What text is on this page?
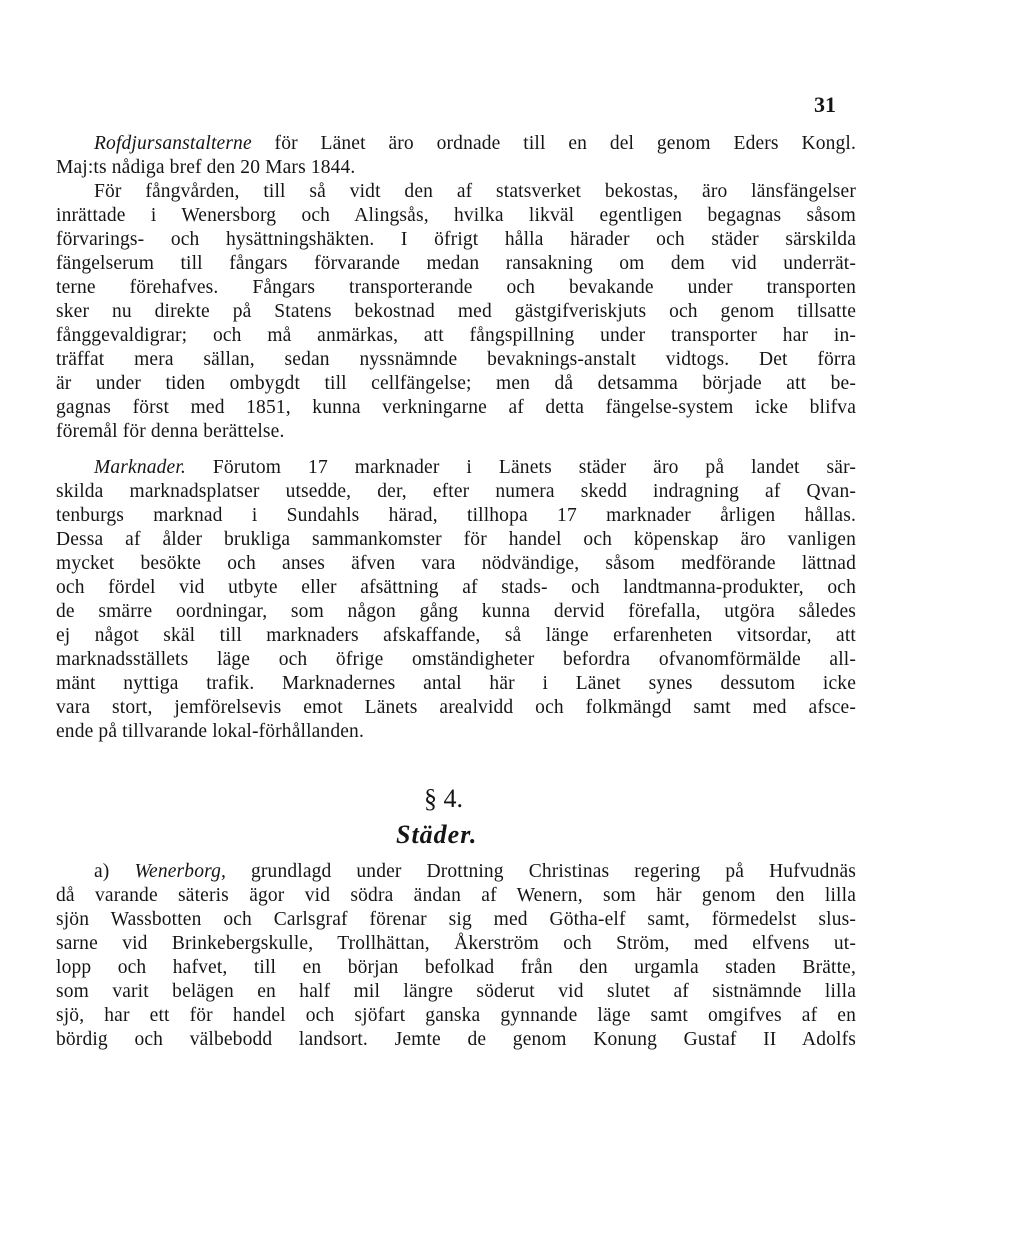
31
Rofdjursanstalterne för Länet äro ordnade till en del genom Eders Kongl.
Maj:ts nådiga bref den 20 Mars 1844.
För fångvården, till så vidt den af statsverket bekostas, äro länsfängelser
inrättade i Wenersborg och Alingsås, hvilka likväl egentligen begagnas såsom
förvarings- och hysättningshäkten. I öfrigt hålla härader och städer särskilda
fängelserum till fångars förvarande medan ransakning om dem vid underrät-
terne förehafves. Fångars transporterande och bevakande under transporten
sker nu direkte på Statens bekostnad med gästgifveriskjuts och genom tillsatte
fånggevaldigrar; och må anmärkas, att fångspillning under transporter har in-
träffat mera sällan, sedan nyssnämnde bevaknings-anstalt vidtogs. Det förra
är under tiden ombygdt till cellfängelse; men då detsamma började att be-
gagnas först med 1851, kunna verkningarne af detta fängelse-system icke blifva
föremål för denna berättelse.
Marknader. Förutom 17 marknader i Länets städer äro på landet sär-
skilda marknadsplatser utsedde, der, efter numera skedd indragning af Qvan-
tenburgs marknad i Sundahls härad, tillhopa 17 marknader årligen hållas.
Dessa af ålder brukliga sammankomster för handel och köpenskap äro vanligen
mycket besökte och anses äfven vara nödvändige, såsom medförande lättnad
och fördel vid utbyte eller afsättning af stads- och landtmanna-produkter, och
de smärre oordningar, som någon gång kunna dervid förefalla, utgöra således
ej något skäl till marknaders afskaffande, så länge erfarenheten vitsordar, att
marknadsställets läge och öfrige omständigheter befordra ofvanomförmälde all-
mänt nyttiga trafik. Marknadernes antal här i Länet synes dessutom icke
vara stort, jemförelsevis emot Länets arealvidd och folkmängd samt med afsce-
ende på tillvarande lokal-förhållanden.
§ 4.
Städer.
a) Wenerborg, grundlagd under Drottning Christinas regering på Hufvudnäs
då varande säteris ägor vid södra ändan af Wenern, som här genom den lilla
sjön Wassbotten och Carlsgraf förenar sig med Götha-elf samt, förmedelst slus-
sarne vid Brinkebergskulle, Trollhättan, Åkerström och Ström, med elfvens ut-
lopp och hafvet, till en början befolkad från den urgamla staden Brätte,
som varit belägen en half mil längre söderut vid slutet af sistnämnde lilla
sjö, har ett för handel och sjöfart ganska gynnande läge samt omgifves af en
bördig och välbebodd landsort. Jemte de genom Konung Gustaf II Adolfs
